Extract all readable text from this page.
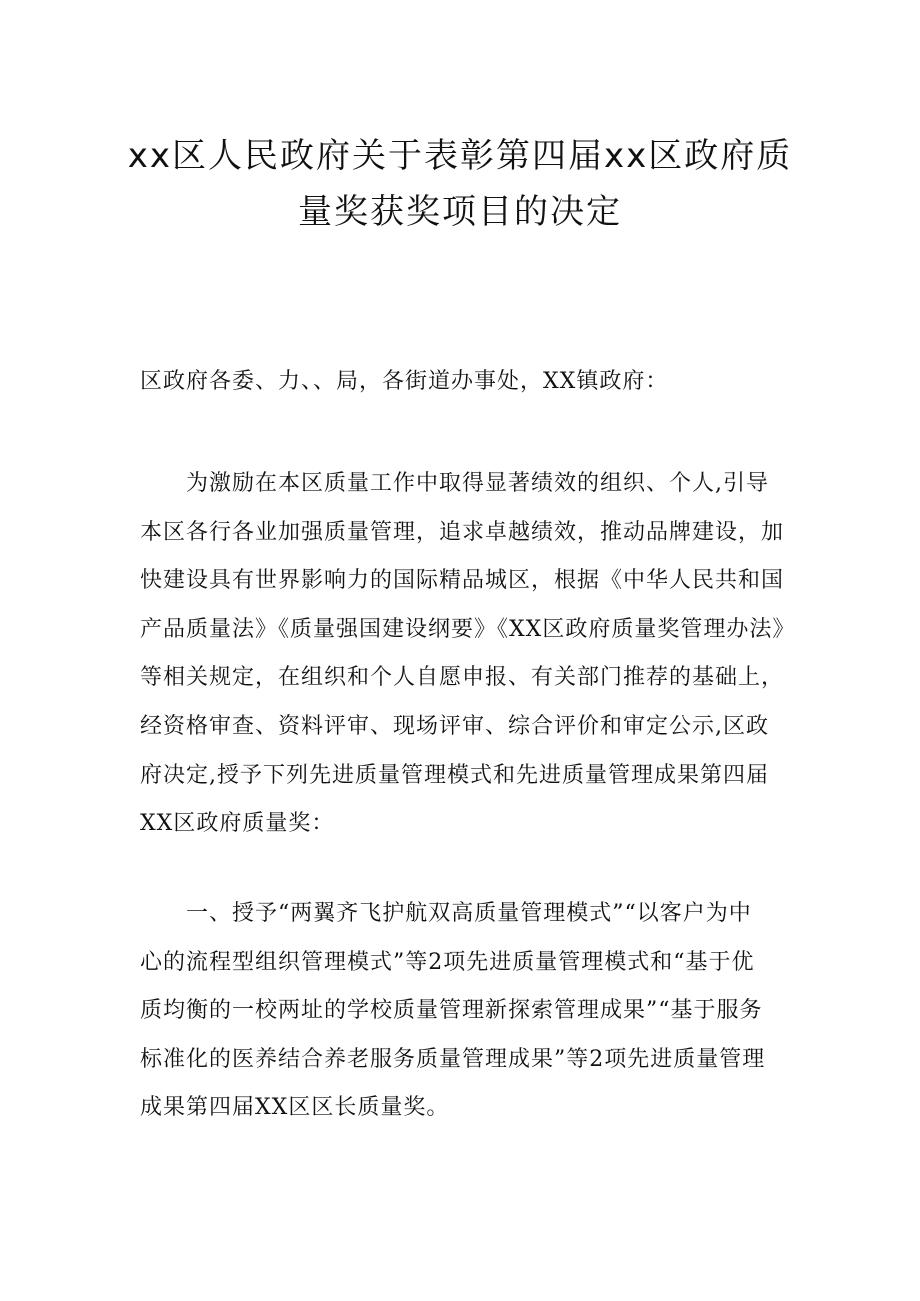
xx区人民政府关于表彰第四届xx区政府质
量奖获奖项目的决定
区政府各委、力、、局，各街道办事处，XX镇政府：
　　为激励在本区质量工作中取得显著绩效的组织、个人,引导
本区各行各业加强质量管理，追求卓越绩效，推动品牌建设，加
快建设具有世界影响力的国际精品城区，根据《中华人民共和国
产品质量法》《质量强国建设纲要》《XX区政府质量奖管理办法》
等相关规定，在组织和个人自愿申报、有关部门推荐的基础上，
经资格审查、资料评审、现场评审、综合评价和审定公示,区政
府决定,授予下列先进质量管理模式和先进质量管理成果第四届
XX区政府质量奖：
　　一、授予“两翼齐飞护航双高质量管理模式”“以客户为中
心的流程型组织管理模式”等2项先进质量管理模式和“基于优
质均衡的一校两址的学校质量管理新探索管理成果”“基于服务
标准化的医养结合养老服务质量管理成果”等2项先进质量管理
成果第四届XX区区长质量奖。
